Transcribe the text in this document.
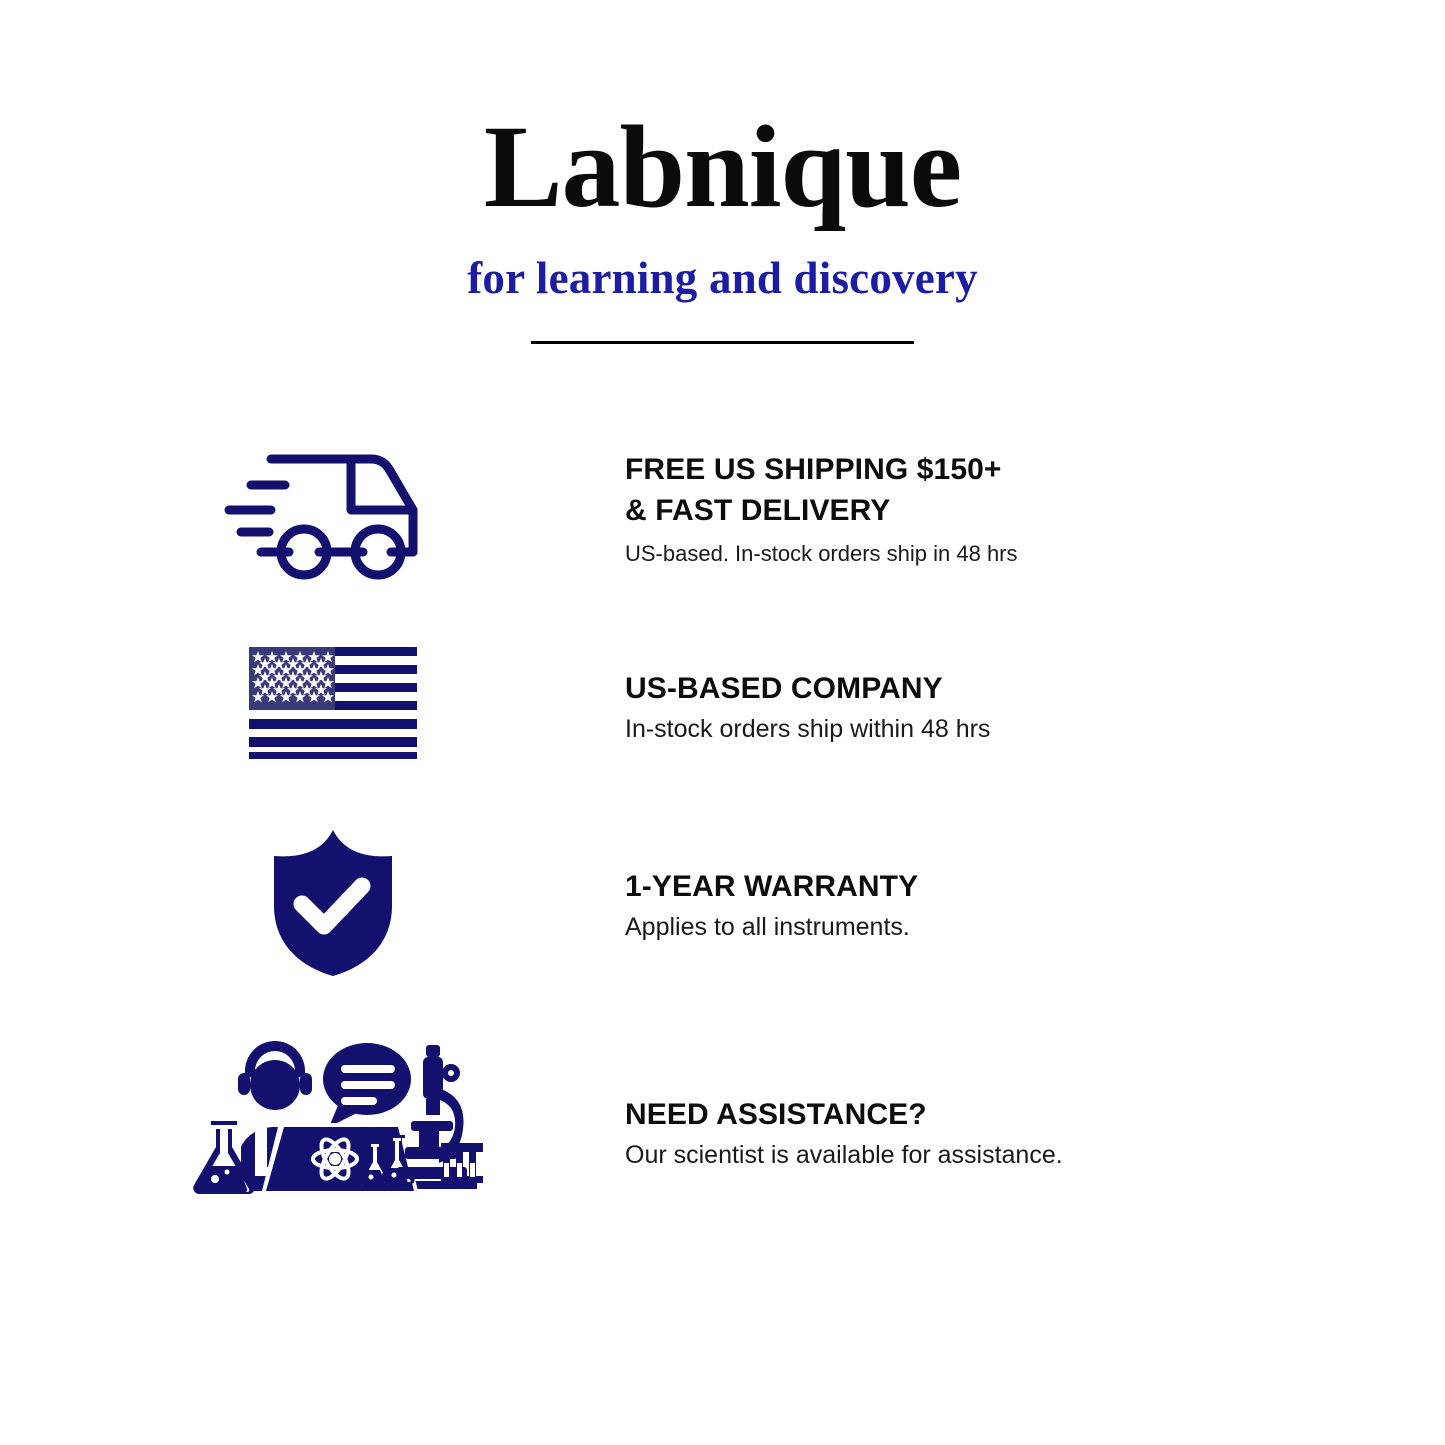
Labnique
for learning and discovery
FREE US SHIPPING $150+
& FAST DELIVERY
US-based. In-stock orders ship in 48 hrs
US-BASED COMPANY
In-stock orders ship within 48 hrs
1-YEAR WARRANTY
Applies to all instruments.
NEED ASSISTANCE?
Our scientist is available for assistance.
